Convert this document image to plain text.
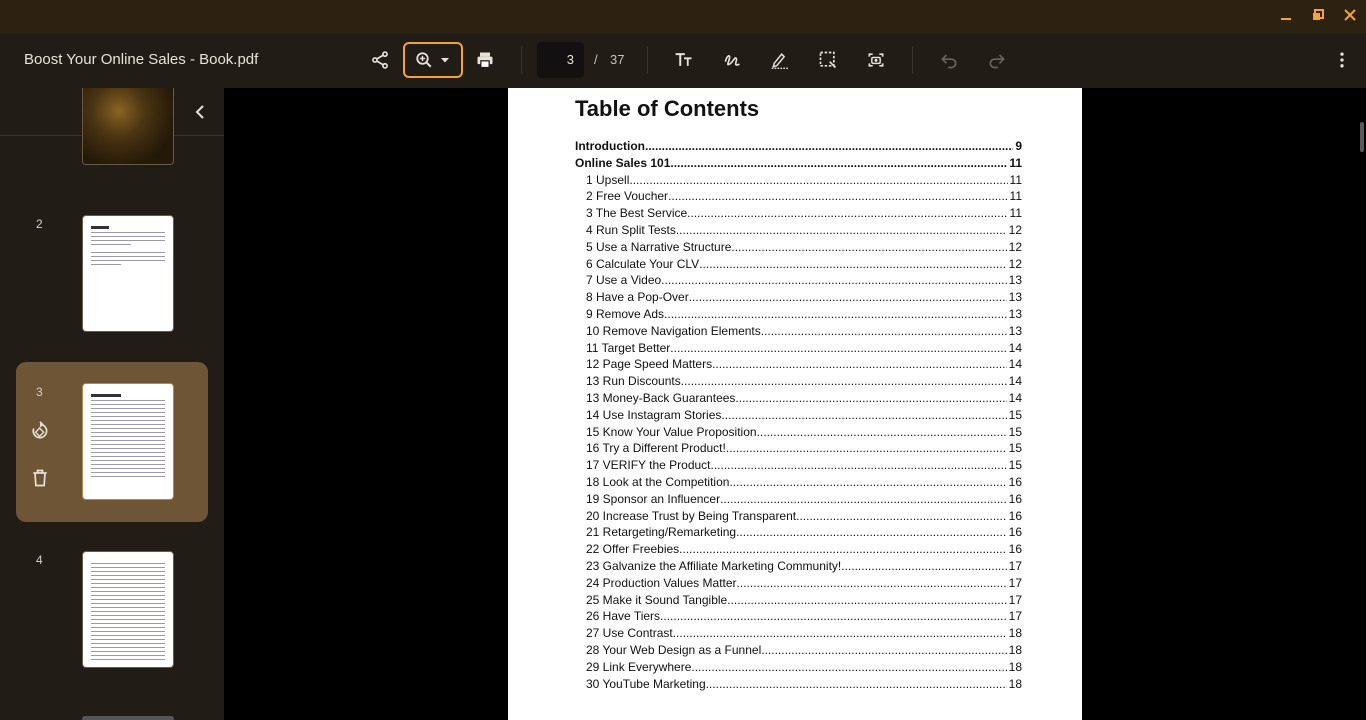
Boost Your Online Sales - Book.pdf	3	/ 37
2
3
4
Table of Contents
Introduction .....	9
Online Sales 101 .....	11
1 Upsell .....	11
2 Free Voucher .....	11
3 The Best Service .....	11
4 Run Split Tests .....	12
5 Use a Narrative Structure .....	12
6 Calculate Your CLV .....	12
7 Use a Video .....	13
8 Have a Pop-Over .....	13
9 Remove Ads .....	13
10 Remove Navigation Elements .....	13
11 Target Better .....	14
12 Page Speed Matters .....	14
13 Run Discounts .....	14
13 Money-Back Guarantees .....	14
14 Use Instagram Stories .....	15
15 Know Your Value Proposition .....	15
16 Try a Different Product! .....	15
17 VERIFY the Product .....	15
18 Look at the Competition .....	16
19 Sponsor an Influencer .....	16
20 Increase Trust by Being Transparent .....	16
21 Retargeting/Remarketing .....	16
22 Offer Freebies .....	16
23 Galvanize the Affiliate Marketing Community! .....	17
24 Production Values Matter .....	17
25 Make it Sound Tangible .....	17
26 Have Tiers .....	17
27 Use Contrast .....	18
28 Your Web Design as a Funnel .....	18
29 Link Everywhere .....	18
30 YouTube Marketing .....	18
